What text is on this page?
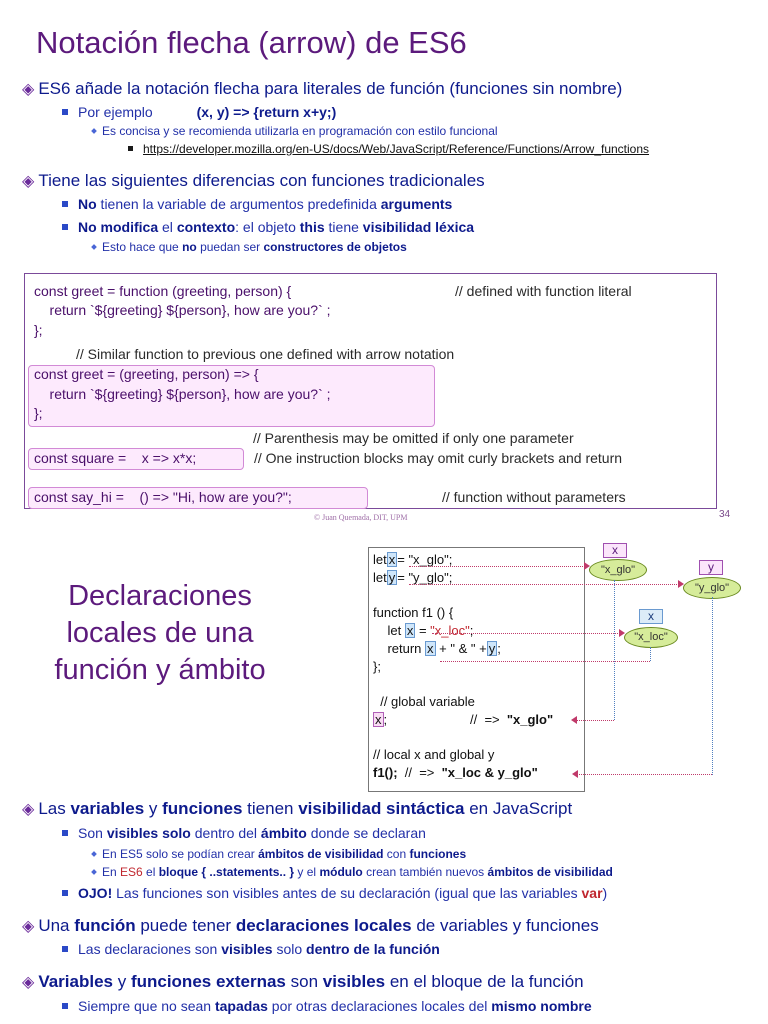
Notación flecha (arrow) de ES6
◈ ES6 añade la notación flecha para literales de función (funciones sin nombre)
Por ejemplo	(x, y) => {return x+y;)
Es concisa y se recomienda utilizarla en programación con estilo funcional
https://developer.mozilla.org/en-US/docs/Web/JavaScript/Reference/Functions/Arrow_functions
◈ Tiene las siguientes diferencias con funciones tradicionales
No tienen la variable de argumentos predefinida arguments
No modifica el contexto: el objeto this tiene visibilidad léxica
Esto hace que no puedan ser constructores de objetos
const greet = function (greeting, person) {	// defined with function literal
return `${greeting} ${person}, how are you?` ;
};
// Similar function to previous one defined with arrow notation
const greet = (greeting, person) => {
return `${greeting} ${person}, how are you?` ;
};
// Parenthesis may be omitted if only one parameter
const square =    x => x*x;	// One instruction blocks may omit curly brackets and return
const say_hi =    () => "Hi, how are you?";	// function without parameters
© Juan Quemada, DIT, UPM	34
Declaraciones
locales de una
función y ámbito
let x = "x_glo";
let y = "y_glo";
function f1 () {
let x = "x_loc";
return x + " & " + y ;
};
// global variable
x ;	//  =>  "x_glo"
// local x and global y
f1();  //  =>  "x_loc & y_glo"
x
"x_glo"	y
"y_glo"
x
"x_loc"
◈ Las variables y funciones tienen visibilidad sintáctica en JavaScript
Son visibles solo dentro del ámbito donde se declaran
En ES5 solo se podían crear ámbitos de visibilidad con funciones
En ES6 el bloque { ..statements.. } y el módulo crean también nuevos ámbitos de visibilidad
OJO! Las funciones son visibles antes de su declaración (igual que las variables var)
◈ Una función puede tener declaraciones locales de variables y funciones
Las declaraciones son visibles solo dentro de la función
◈ Variables y funciones externas son visibles en el bloque de la función
Siempre que no sean tapadas por otras declaraciones locales del mismo nombre
